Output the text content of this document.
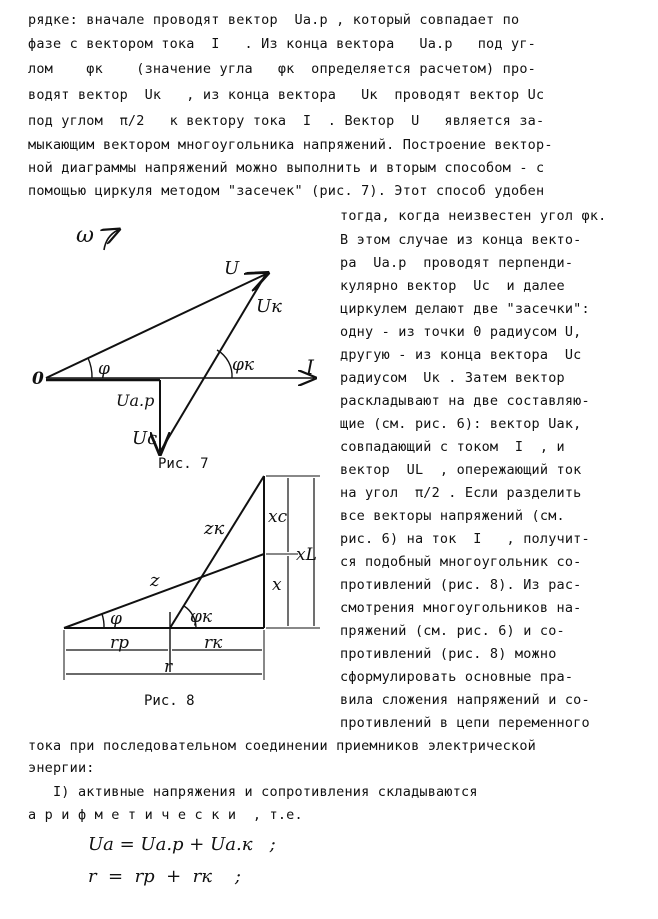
рядке: вначале проводят вектор  Uа.р , который совпадает по
фазе с вектором тока  I   . Из конца вектора   Uа.р   под уг-
лом    φк    (значение угла   φк  определяется расчетом) про-
водят вектор  Uк   , из конца вектора   Uк  проводят вектор Uс
под углом  π/2   к вектору тока  I  . Вектор  U   является за-
мыкающим вектором многоугольника напряжений. Построение вектор-
ной диаграммы напряжений можно выполнить и вторым способом - с
помощью циркуля методом "засечек" (рис. 7). Этот способ удобен
тогда, когда неизвестен угол φк.
В этом случае из конца векто-
ра  Uа.р  проводят перпенди-
кулярно вектор  Uс  и далее
циркулем делают две "засечки":
одну - из точки 0 радиусом U,
другую - из конца вектора  Uс
радиусом  Uк . Затем вектор
раскладывают на две составляю-
щие (см. рис. 6): вектор Uак,
совпадающий с током  I  , и
вектор  UL  , опережающий ток
на угол  π/2 . Если разделить
все векторы напряжений (см.
рис. 6) на ток  I   , получит-
ся подобный многоугольник со-
противлений (рис. 8). Из рас-
смотрения многоугольников на-
пряжений (см. рис. 6) и со-
противлений (рис. 8) можно
сформулировать основные пра-
вила сложения напряжений и со-
противлений в цепи переменного
ω
0	I
U
Uк
Uа.р
Uс
φ	φк
Рис. 7
zк
z
φ	φк
xс
x
xL
rр	rк
r
Рис. 8
тока при последовательном соединении приемников электрической
энергии:
I) активные напряжения и сопротивления складываются
а р и ф м е т и ч е с к и  , т.е.
Uа = Uа.р + Uа.к   ;
r  =  rр  +  rк    ;
